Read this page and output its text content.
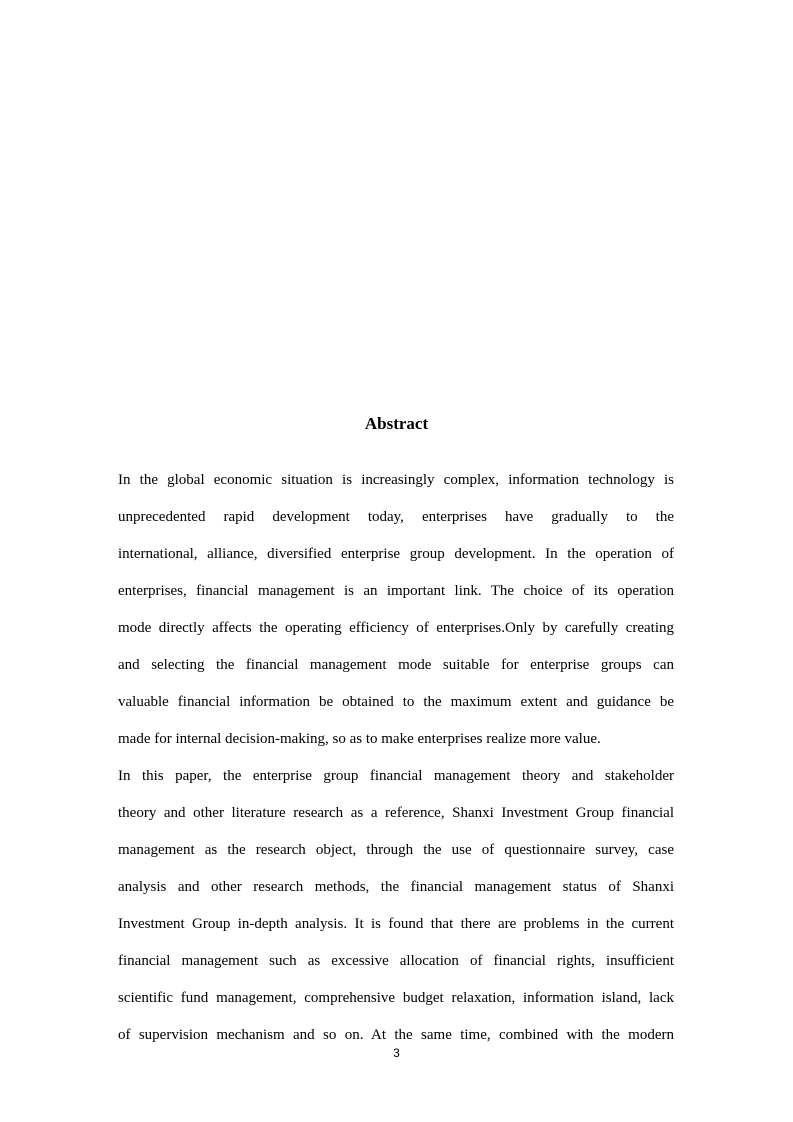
Abstract
In the global economic situation is increasingly complex, information technology is
unprecedented rapid development today, enterprises have gradually to the
international, alliance, diversified enterprise group development. In the operation of
enterprises, financial management is an important link. The choice of its operation
mode directly affects the operating efficiency of enterprises.Only by carefully creating
and selecting the financial management mode suitable for enterprise groups can
valuable financial information be obtained to the maximum extent and guidance be
made for internal decision-making, so as to make enterprises realize more value.
In this paper, the enterprise group financial management theory and stakeholder
theory and other literature research as a reference, Shanxi Investment Group financial
management as the research object, through the use of questionnaire survey, case
analysis and other research methods, the financial management status of Shanxi
Investment Group in-depth analysis. It is found that there are problems in the current
financial management such as excessive allocation of financial rights, insufficient
scientific fund management, comprehensive budget relaxation, information island, lack
of supervision mechanism and so on. At the same time, combined with the modern
3
